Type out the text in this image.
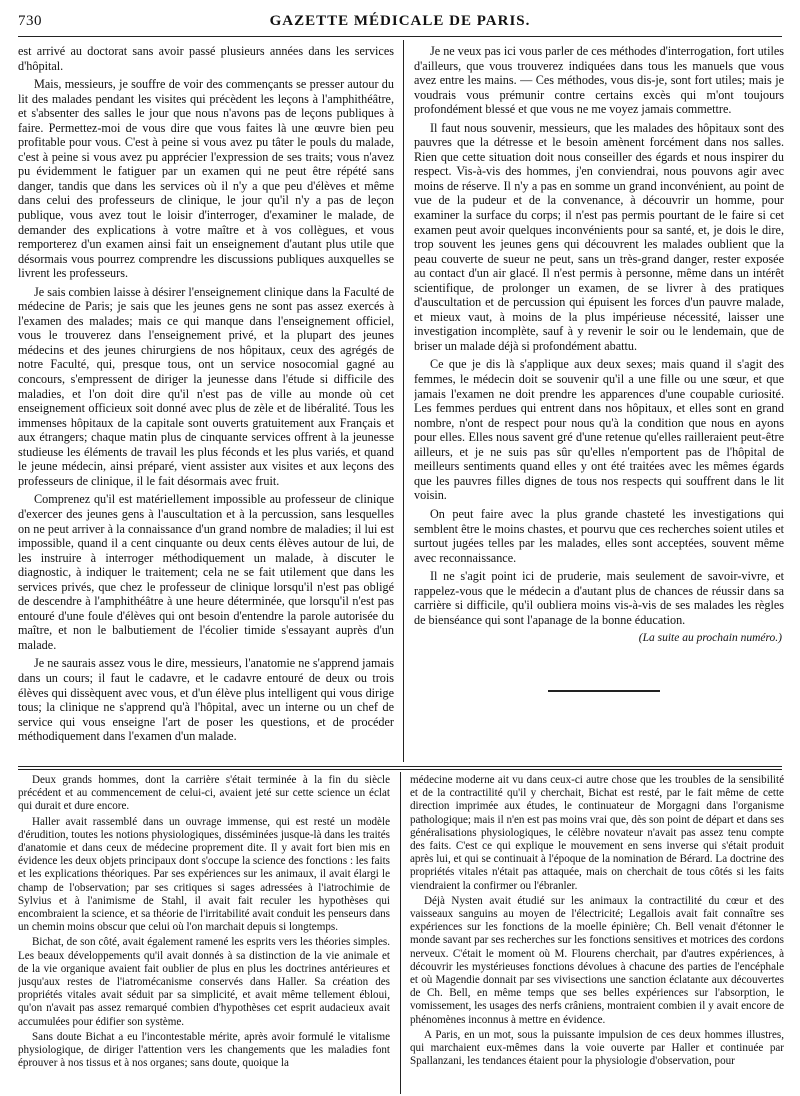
730	GAZETTE MÉDICALE DE PARIS.

est arrivé au doctorat sans avoir passé plusieurs années dans les services d'hôpital.

Mais, messieurs, je souffre de voir des commençants se presser autour du lit des malades pendant les visites qui précèdent les leçons à l'amphithéâtre, et s'absenter des salles le jour que nous n'avons pas de leçons publiques à faire. Permettez-moi de vous dire que vous faites là une œuvre bien peu profitable pour vous. C'est à peine si vous avez pu tâter le pouls du malade, c'est à peine si vous avez pu apprécier l'expression de ses traits; vous n'avez pu évidemment le fatiguer par un examen qui ne peut être répété sans danger, tandis que dans les services où il n'y a que peu d'élèves et même dans celui des professeurs de clinique, le jour qu'il n'y a pas de leçon publique, vous avez tout le loisir d'interroger, d'examiner le malade, de demander des explications à votre maître et à vos collègues, et vous remporterez d'un examen ainsi fait un enseignement d'autant plus utile que désormais vous pourrez comprendre les discussions publiques auxquelles se livrent les professeurs.

Je sais combien laisse à désirer l'enseignement clinique dans la Faculté de médecine de Paris; je sais que les jeunes gens ne sont pas assez exercés à l'examen des malades; mais ce qui manque dans l'enseignement officiel, vous le trouverez dans l'enseignement privé, et la plupart des jeunes médecins et des jeunes chirurgiens de nos hôpitaux, ceux des agrégés de notre Faculté, qui, presque tous, ont un service nosocomial gagné au concours, s'empressent de diriger la jeunesse dans l'étude si difficile des maladies, et l'on doit dire qu'il n'est pas de ville au monde où cet enseignement officieux soit donné avec plus de zèle et de libéralité. Tous les immenses hôpitaux de la capitale sont ouverts gratuitement aux Français et aux étrangers; chaque matin plus de cinquante services offrent à la jeunesse studieuse les éléments de travail les plus féconds et les plus variés, et quand le jeune médecin, ainsi préparé, vient assister aux visites et aux leçons des professeurs de clinique, il le fait désormais avec fruit.

Comprenez qu'il est matériellement impossible au professeur de clinique d'exercer des jeunes gens à l'auscultation et à la percussion, sans lesquelles on ne peut arriver à la connaissance d'un grand nombre de maladies; il lui est impossible, quand il a cent cinquante ou deux cents élèves autour de lui, de les instruire à interroger méthodiquement un malade, à discuter le diagnostic, à indiquer le traitement; cela ne se fait utilement que dans les services privés, que chez le professeur de clinique lorsqu'il n'est pas obligé de descendre à l'amphithéâtre à une heure déterminée, que lorsqu'il n'est pas entouré d'une foule d'élèves qui ont besoin d'entendre la parole autorisée du maître, et non le balbutiement de l'écolier timide s'essayant auprès d'un malade.

Je ne saurais assez vous le dire, messieurs, l'anatomie ne s'apprend jamais dans un cours; il faut le cadavre, et le cadavre entouré de deux ou trois élèves qui dissèquent avec vous, et d'un élève plus intelligent qui vous dirige tous; la clinique ne s'apprend qu'à l'hôpital, avec un interne ou un chef de service qui vous enseigne l'art de poser les questions, et de procéder méthodiquement dans l'examen d'un malade.

Je ne veux pas ici vous parler de ces méthodes d'interrogation, fort utiles d'ailleurs, que vous trouverez indiquées dans tous les manuels que vous avez entre les mains. — Ces méthodes, vous dis-je, sont fort utiles; mais je voudrais vous prémunir contre certains excès qui m'ont toujours profondément blessé et que vous ne me voyez jamais commettre.

Il faut nous souvenir, messieurs, que les malades des hôpitaux sont des pauvres que la détresse et le besoin amènent forcément dans nos salles. Rien que cette situation doit nous conseiller des égards et nous inspirer du respect. Vis-à-vis des hommes, j'en conviendrai, nous pouvons agir avec moins de réserve. Il n'y a pas en somme un grand inconvénient, au point de vue de la pudeur et de la convenance, à découvrir un homme, pour examiner la surface du corps; il n'est pas permis pourtant de le faire si cet examen peut avoir quelques inconvénients pour sa santé, et, je dois le dire, trop souvent les jeunes gens qui découvrent les malades oublient que la peau couverte de sueur ne peut, sans un très-grand danger, rester exposée au contact d'un air glacé. Il n'est permis à personne, même dans un intérêt scientifique, de prolonger un examen, de se livrer à des pratiques d'auscultation et de percussion qui épuisent les forces d'un pauvre malade, et mieux vaut, à moins de la plus impérieuse nécessité, laisser une investigation incomplète, sauf à y revenir le soir ou le lendemain, que de briser un malade déjà si profondément abattu.

Ce que je dis là s'applique aux deux sexes; mais quand il s'agit des femmes, le médecin doit se souvenir qu'il a une fille ou une sœur, et que jamais l'examen ne doit prendre les apparences d'une coupable curiosité. Les femmes perdues qui entrent dans nos hôpitaux, et elles sont en grand nombre, n'ont de respect pour nous qu'à la condition que nous en ayons pour elles. Elles nous savent gré d'une retenue qu'elles railleraient peut-être ailleurs, et je ne suis pas sûr qu'elles n'emportent pas de l'hôpital de meilleurs sentiments quand elles y ont été traitées avec les mêmes égards que les pauvres filles dignes de tous nos respects qui souffrent dans le lit voisin.

On peut faire avec la plus grande chasteté les investigations qui semblent être le moins chastes, et pourvu que ces recherches soient utiles et surtout jugées telles par les malades, elles sont acceptées, souvent même avec reconnaissance.

Il ne s'agit point ici de pruderie, mais seulement de savoir-vivre, et rappelez-vous que le médecin a d'autant plus de chances de réussir dans sa carrière si difficile, qu'il oubliera moins vis-à-vis de ses malades les règles de bienséance qui sont l'apanage de la bonne éducation.

(La suite au prochain numéro.)

Deux grands hommes, dont la carrière s'était terminée à la fin du siècle précédent et au commencement de celui-ci, avaient jeté sur cette science un éclat qui durait et dure encore.

Haller avait rassemblé dans un ouvrage immense, qui est resté un modèle d'érudition, toutes les notions physiologiques, disséminées jusque-là dans les traités d'anatomie et dans ceux de médecine proprement dite. Il y avait fort bien mis en évidence les deux objets principaux dont s'occupe la science des fonctions : les faits et les explications théoriques. Par ses expériences sur les animaux, il avait élargi le champ de l'observation; par ses critiques si sages adressées à l'iatrochimie de Sylvius et à l'animisme de Stahl, il avait fait reculer les hypothèses qui encombraient la science, et sa théorie de l'irritabilité avait conduit les penseurs dans un chemin moins obscur que celui où l'on marchait depuis si longtemps.

Bichat, de son côté, avait également ramené les esprits vers les théories simples. Les beaux développements qu'il avait donnés à sa distinction de la vie animale et de la vie organique avaient fait oublier de plus en plus les doctrines antérieures et jusqu'aux restes de l'iatromécanisme conservés dans Haller. Sa création des propriétés vitales avait séduit par sa simplicité, et avait même tellement ébloui, qu'on n'avait pas assez remarqué combien d'hypothèses cet esprit audacieux avait accumulées pour édifier son système.

Sans doute Bichat a eu l'incontestable mérite, après avoir formulé le vitalisme physiologique, de diriger l'attention vers les changements que les maladies font éprouver à nos tissus et à nos organes; sans doute, quoique la

médecine moderne ait vu dans ceux-ci autre chose que les troubles de la sensibilité et de la contractilité qu'il y cherchait, Bichat est resté, par le fait même de cette direction imprimée aux études, le continuateur de Morgagni dans l'organisme pathologique; mais il n'en est pas moins vrai que, dès son point de départ et dans ses généralisations physiologiques, le célèbre novateur n'avait pas assez tenu compte des faits. C'est ce qui explique le mouvement en sens inverse qui s'était produit après lui, et qui se continuait à l'époque de la nomination de Bérard. La doctrine des propriétés vitales n'était pas attaquée, mais on cherchait de tous côtés si les faits viendraient la confirmer ou l'ébranler.

Déjà Nysten avait étudié sur les animaux la contractilité du cœur et des vaisseaux sanguins au moyen de l'électricité; Legallois avait fait connaître ses expériences sur les fonctions de la moelle épinière; Ch. Bell venait d'étonner le monde savant par ses recherches sur les fonctions sensitives et motrices des cordons nerveux. C'était le moment où M. Flourens cherchait, par d'autres expériences, à découvrir les mystérieuses fonctions dévolues à chacune des parties de l'encéphale et où Magendie donnait par ses vivisections une sanction éclatante aux découvertes de Ch. Bell, en même temps que ses belles expériences sur l'absorption, le vomissement, les usages des nerfs crâniens, montraient combien il y avait encore de phénomènes inconnus à mettre en évidence.

A Paris, en un mot, sous la puissante impulsion de ces deux hommes illustres, qui marchaient eux-mêmes dans la voie ouverte par Haller et continuée par Spallanzani, les tendances étaient pour la physiologie d'observation, pour
